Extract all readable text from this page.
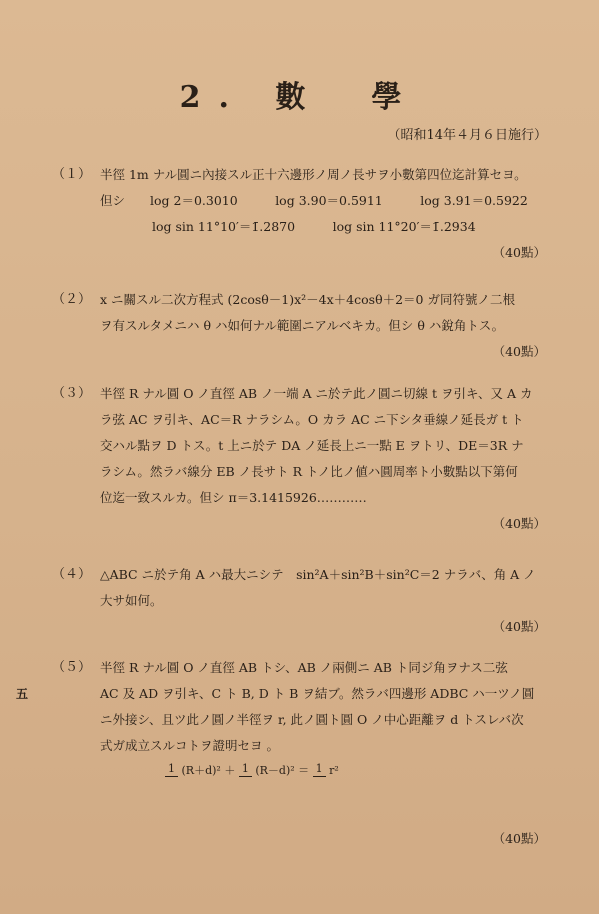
2. 數　學
（昭和14年４月６日施行）
（１） 半徑 1m ナル圓ニ內接スル正十六邊形ノ周ノ長サヲ小數第四位迄計算セヨ。
但シ　　log 2＝0.3010　　　log 3.90＝0.5911　　　log 3.91＝0.5922
log sin 11°10′＝1̄.2870　　　log sin 11°20′＝1̄.2934
（40點）
（２） x ニ關スル二次方程式 (2cosθ－1)x²－4x＋4cosθ＋2＝0 ガ同符號ノ二根
ヲ有スルタメニハ θ ハ如何ナル範圍ニアルベキカ。但シ θ ハ銳角トス。
（40點）
（３） 半徑 R ナル圓 O ノ直徑 AB ノ一端 A ニ於テ此ノ圓ニ切線 t ヲ引キ、又 A カ
ラ弦 AC ヲ引キ、AC＝R ナラシム。O カラ AC ニ下シタ垂線ノ延長ガ t ト
交ハル點ヲ D トス。t 上ニ於テ DA ノ延長上ニ一點 E ヲトリ、DE＝3R ナ
ラシム。然ラバ線分 EB ノ長サト R トノ比ノ値ハ圓周率ト小數點以下第何
位迄一致スルカ。但シ π＝3.1415926…………
（40點）
（４） △ABC ニ於テ角 A ハ最大ニシテ　sin²A＋sin²B＋sin²C＝2 ナラバ、角 A ノ
大サ如何。
（40點）
（５） 半徑 R ナル圓 O ノ直徑 AB トシ、AB ノ兩側ニ AB ト同ジ角ヲナス二弦
AC 及 AD ヲ引キ、C ト B, D ト B ヲ結ブ。然ラバ四邊形 ADBC ハ一ツノ圓
ニ外接シ、且ツ此ノ圓ノ半徑ヲ r, 此ノ圓ト圓 O ノ中心距離ヲ d トスレバ次
式ガ成立スルコトヲ證明セヨ 。
1 (R＋d)² ＋ 1 (R－d)² ＝ 1 r²
（40點）
五
